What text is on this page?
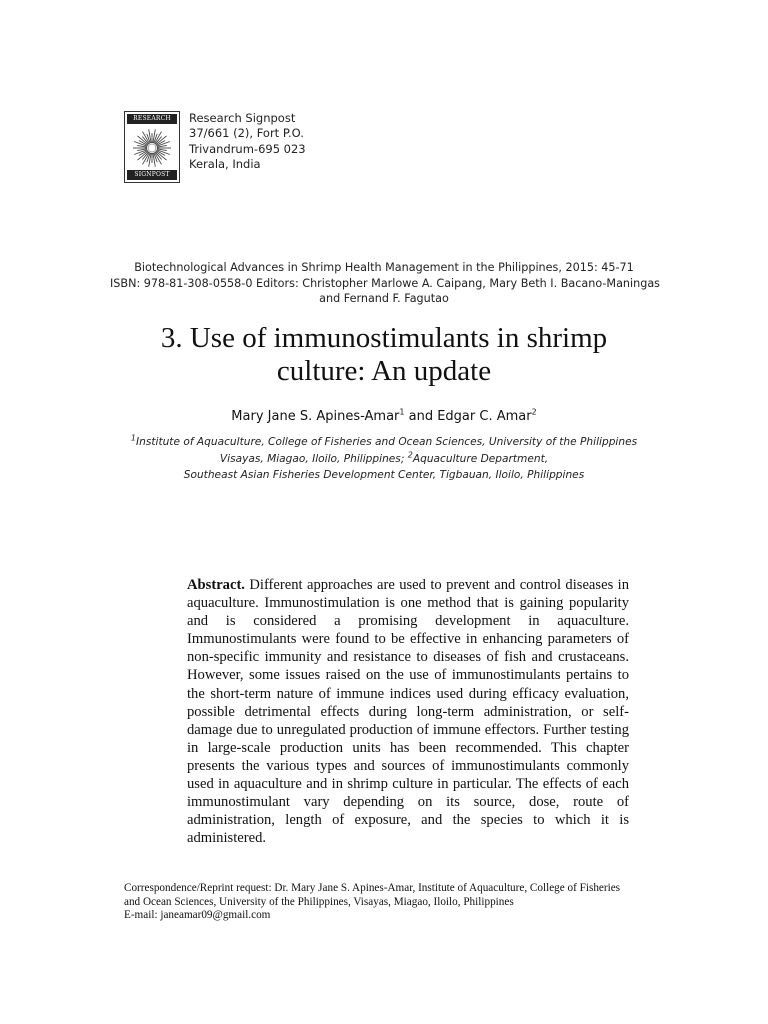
RESEARCH
SIGNPOST
Research Signpost
37/661 (2), Fort P.O.
Trivandrum-695 023
Kerala, India
Biotechnological Advances in Shrimp Health Management in the Philippines, 2015: 45-71
ISBN: 978-81-308-0558-0 Editors: Christopher Marlowe A. Caipang, Mary Beth I. Bacano-Maningas
and Fernand F. Fagutao
3. Use of immunostimulants in shrimp
culture: An update
Mary Jane S. Apines-Amar$^1$ and Edgar C. Amar$^2$
$^1$Institute of Aquaculture, College of Fisheries and Ocean Sciences, University of the Philippines
Visayas, Miagao, Iloilo, Philippines; $^2$Aquaculture Department,
Southeast Asian Fisheries Development Center, Tigbauan, Iloilo, Philippines
Abstract. Different approaches are used to prevent and control diseases in aquaculture. Immunostimulation is one method that is gaining popularity and is considered a promising development in aquaculture. Immunostimulants were found to be effective in enhancing parameters of non-specific immunity and resistance to diseases of fish and crustaceans. However, some issues raised on the use of immunostimulants pertains to the short-term nature of immune indices used during efficacy evaluation, possible detrimental effects during long-term administration, or self-damage due to unregulated production of immune effectors. Further testing in large-scale production units has been recommended. This chapter presents the various types and sources of immunostimulants commonly used in aquaculture and in shrimp culture in particular. The effects of each immunostimulant vary depending on its source, dose, route of administration, length of exposure, and the species to which it is administered.
Correspondence/Reprint request: Dr. Mary Jane S. Apines-Amar, Institute of Aquaculture, College of Fisheries
and Ocean Sciences, University of the Philippines, Visayas, Miagao, Iloilo, Philippines
E-mail: janeamar09@gmail.com
